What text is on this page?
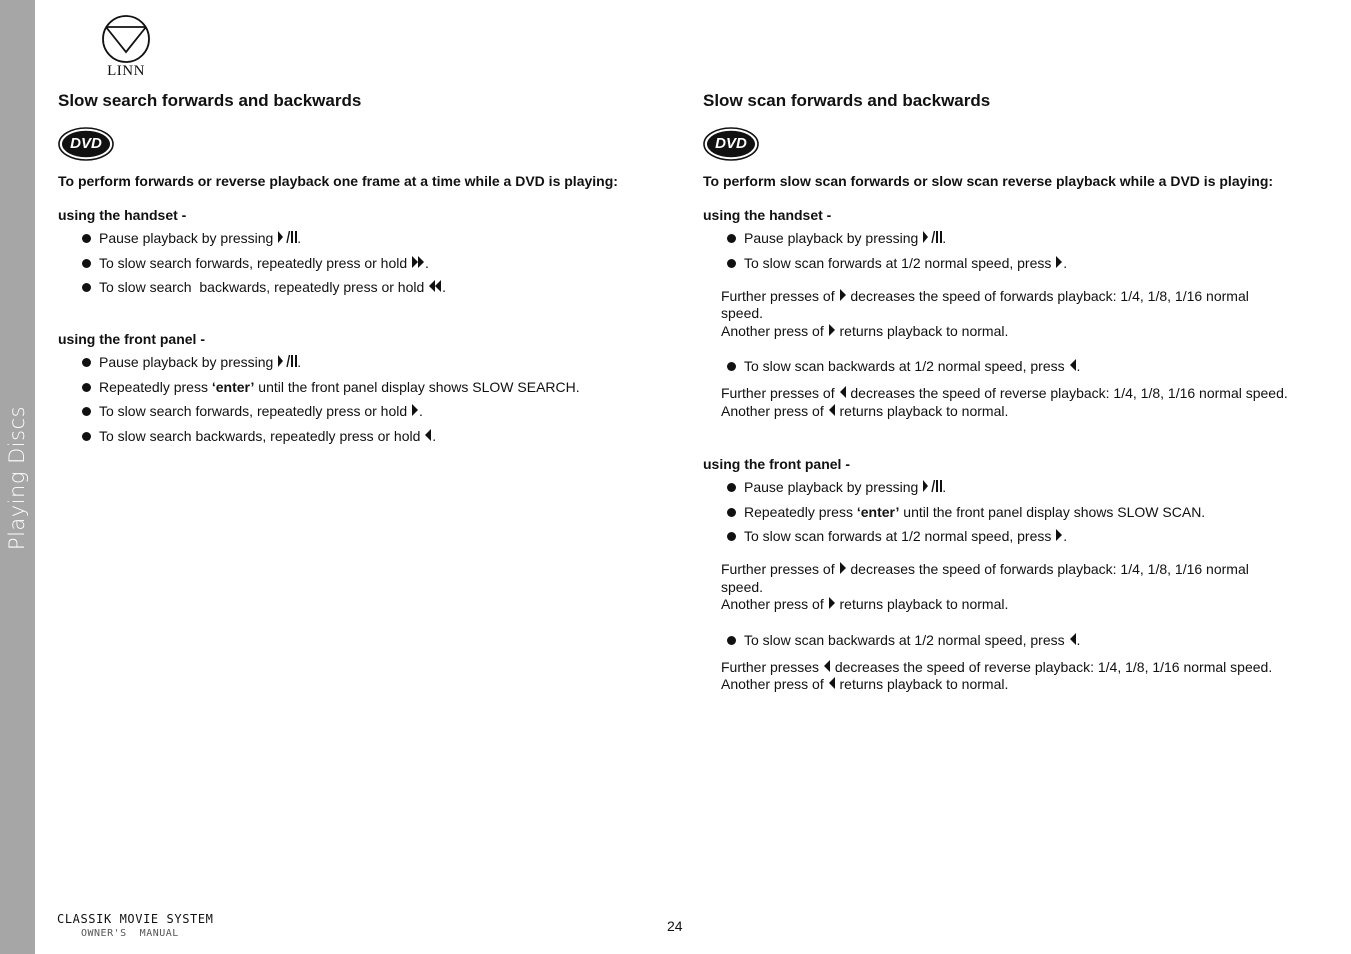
Playing Discs
LINN
Slow search forwards and backwards
DVD

To perform forwards or reverse playback one frame at a time while a DVD is playing:

using the handset -

Pause playback by pressing .
To slow search forwards, repeatedly press or hold .
To slow search  backwards, repeatedly press or hold .

using the front panel -

Pause playback by pressing .
Repeatedly press ‘enter’ until the front panel display shows SLOW SEARCH.
To slow search forwards, repeatedly press or hold .
To slow search backwards, repeatedly press or hold .
Slow scan forwards and backwards
DVD

To perform slow scan forwards or slow scan reverse playback while a DVD is playing:

using the handset -

Pause playback by pressing .
To slow scan forwards at 1/2 normal speed, press .
Further presses of  decreases the speed of forwards playback: 1/4, 1/8, 1/16 normal speed.
Another press of  returns playback to normal.
To slow scan backwards at 1/2 normal speed, press .
Further presses of  decreases the speed of reverse playback: 1/4, 1/8, 1/16 normal speed.
Another press of  returns playback to normal.

using the front panel -

Pause playback by pressing .
Repeatedly press ‘enter’ until the front panel display shows SLOW SCAN.
To slow scan forwards at 1/2 normal speed, press .
Further presses of  decreases the speed of forwards playback: 1/4, 1/8, 1/16 normal speed.
Another press of  returns playback to normal.
To slow scan backwards at 1/2 normal speed, press .
Further presses  decreases the speed of reverse playback: 1/4, 1/8, 1/16 normal speed.
Another press of  returns playback to normal.
CLASSIK MOVIE SYSTEM
OWNER'S  MANUAL	24
